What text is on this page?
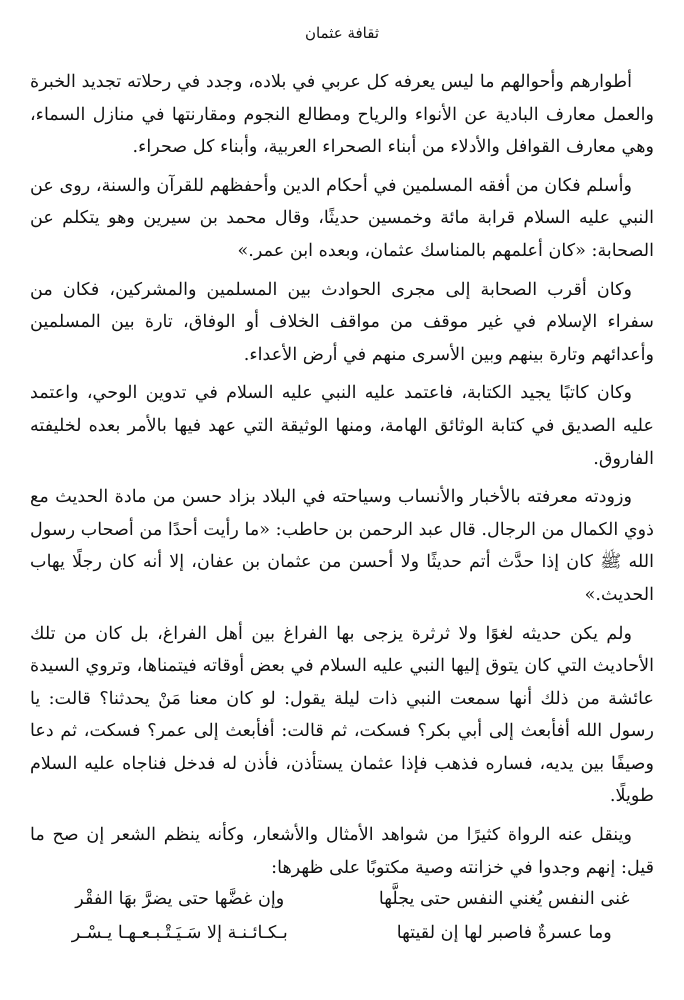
ثقافة عثمان

أطوارهم وأحوالهم ما ليس يعرفه كل عربي في بلاده، وجدد في رحلاته تجديد الخبرة والعمل معارف البادية عن الأنواء والرياح ومطالع النجوم ومقارنتها في منازل السماء، وهي معارف القوافل والأدلاء من أبناء الصحراء العربية، وأبناء كل صحراء.

وأسلم فكان من أفقه المسلمين في أحكام الدين وأحفظهم للقرآن والسنة، روى عن النبي عليه السلام قرابة مائة وخمسين حديثًا، وقال محمد بن سيرين وهو يتكلم عن الصحابة: «كان أعلمهم بالمناسك عثمان، وبعده ابن عمر.»

وكان أقرب الصحابة إلى مجرى الحوادث بين المسلمين والمشركين، فكان من سفراء الإسلام في غير موقف من مواقف الخلاف أو الوفاق، تارة بين المسلمين وأعدائهم وتارة بينهم وبين الأسرى منهم في أرض الأعداء.

وكان كاتبًا يجيد الكتابة، فاعتمد عليه النبي عليه السلام في تدوين الوحي، واعتمد عليه الصديق في كتابة الوثائق الهامة، ومنها الوثيقة التي عهد فيها بالأمر بعده لخليفته الفاروق.

وزودته معرفته بالأخبار والأنساب وسياحته في البلاد بزاد حسن من مادة الحديث مع ذوي الكمال من الرجال. قال عبد الرحمن بن حاطب: «ما رأيت أحدًا من أصحاب رسول الله ﷺ كان إذا حدَّث أتم حديثًا ولا أحسن من عثمان بن عفان، إلا أنه كان رجلًا يهاب الحديث.»

ولم يكن حديثه لغوًا ولا ثرثرة يزجى بها الفراغ بين أهل الفراغ، بل كان من تلك الأحاديث التي كان يتوق إليها النبي عليه السلام في بعض أوقاته فيتمناها، وتروي السيدة عائشة من ذلك أنها سمعت النبي ذات ليلة يقول: لو كان معنا مَنْ يحدثنا؟ قالت: يا رسول الله أفأبعث إلى أبي بكر؟ فسكت، ثم قالت: أفأبعث إلى عمر؟ فسكت، ثم دعا وصيفًا بين يديه، فساره فذهب فإذا عثمان يستأذن، فأذن له فدخل فناجاه عليه السلام طويلًا.

وينقل عنه الرواة كثيرًا من شواهد الأمثال والأشعار، وكأنه ينظم الشعر إن صح ما قيل: إنهم وجدوا في خزانته وصية مكتوبًا على ظهرها:

غنى النفس يُغني النفس حتى يجلَّها
وإن غضَّها حتى يضرَّ بهَا الفقْر
وما عسرةٌ فاصبر لها إن لقيتها
بـكـائـنـة إلا سَـيَـتْـبـعـهـا يـسْـر
